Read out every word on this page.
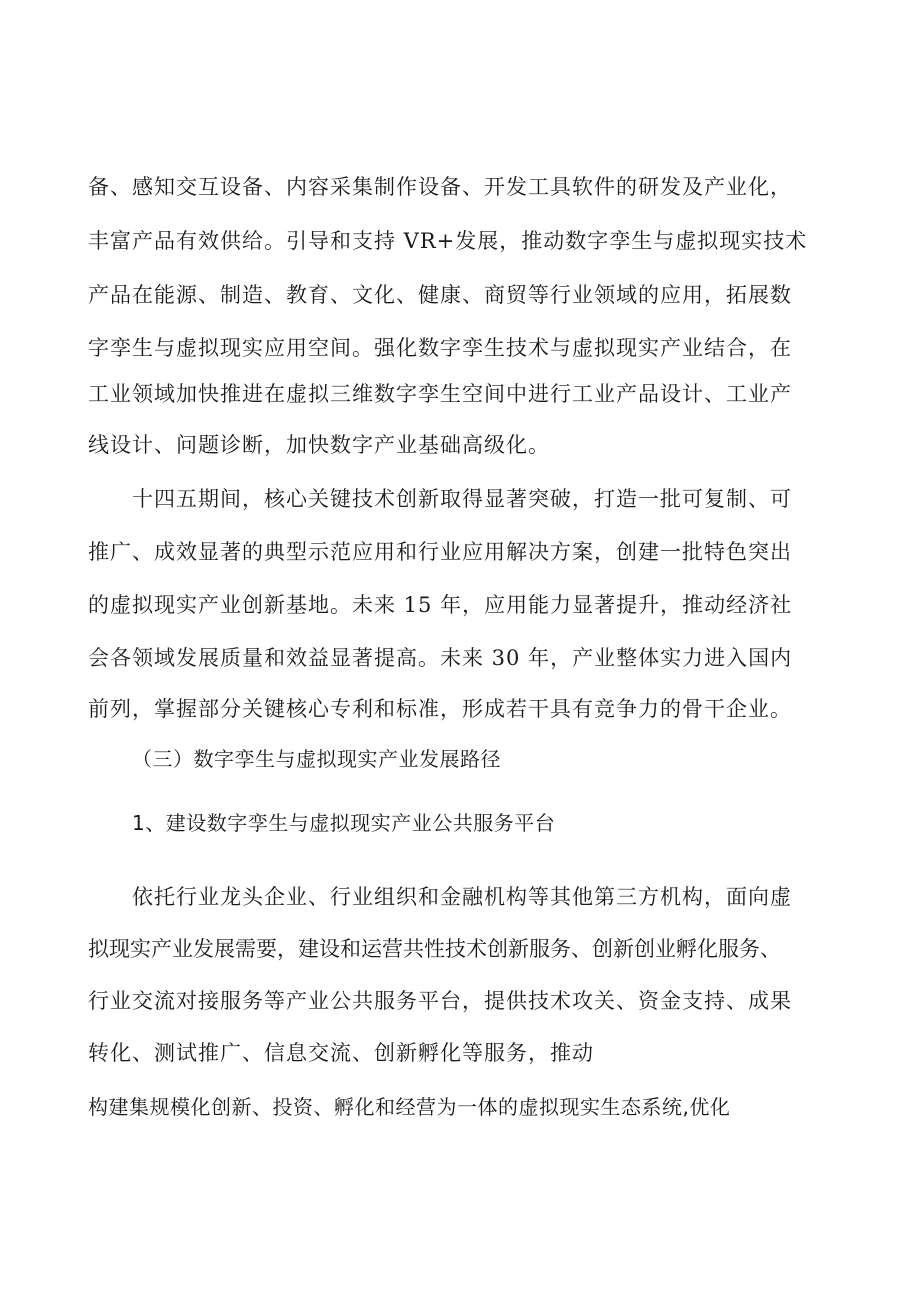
备、感知交互设备、内容采集制作设备、开发工具软件的研发及产业化，
丰富产品有效供给。引导和支持 VR+发展，推动数字孪生与虚拟现实技术
产品在能源、制造、教育、文化、健康、商贸等行业领域的应用，拓展数
字孪生与虚拟现实应用空间。强化数字孪生技术与虚拟现实产业结合，在
工业领域加快推进在虚拟三维数字孪生空间中进行工业产品设计、工业产
线设计、问题诊断，加快数字产业基础高级化。
十四五期间，核心关键技术创新取得显著突破，打造一批可复制、可
推广、成效显著的典型示范应用和行业应用解决方案，创建一批特色突出
的虚拟现实产业创新基地。未来 15 年，应用能力显著提升，推动经济社
会各领域发展质量和效益显著提高。未来 30 年，产业整体实力进入国内
前列，掌握部分关键核心专利和标准，形成若干具有竞争力的骨干企业。
（三）数字孪生与虚拟现实产业发展路径
1、建设数字孪生与虚拟现实产业公共服务平台
依托行业龙头企业、行业组织和金融机构等其他第三方机构，面向虚
拟现实产业发展需要，建设和运营共性技术创新服务、创新创业孵化服务、
行业交流对接服务等产业公共服务平台，提供技术攻关、资金支持、成果
转化、测试推广、信息交流、创新孵化等服务，推动
构建集规模化创新、投资、孵化和经营为一体的虚拟现实生态系统,优化
